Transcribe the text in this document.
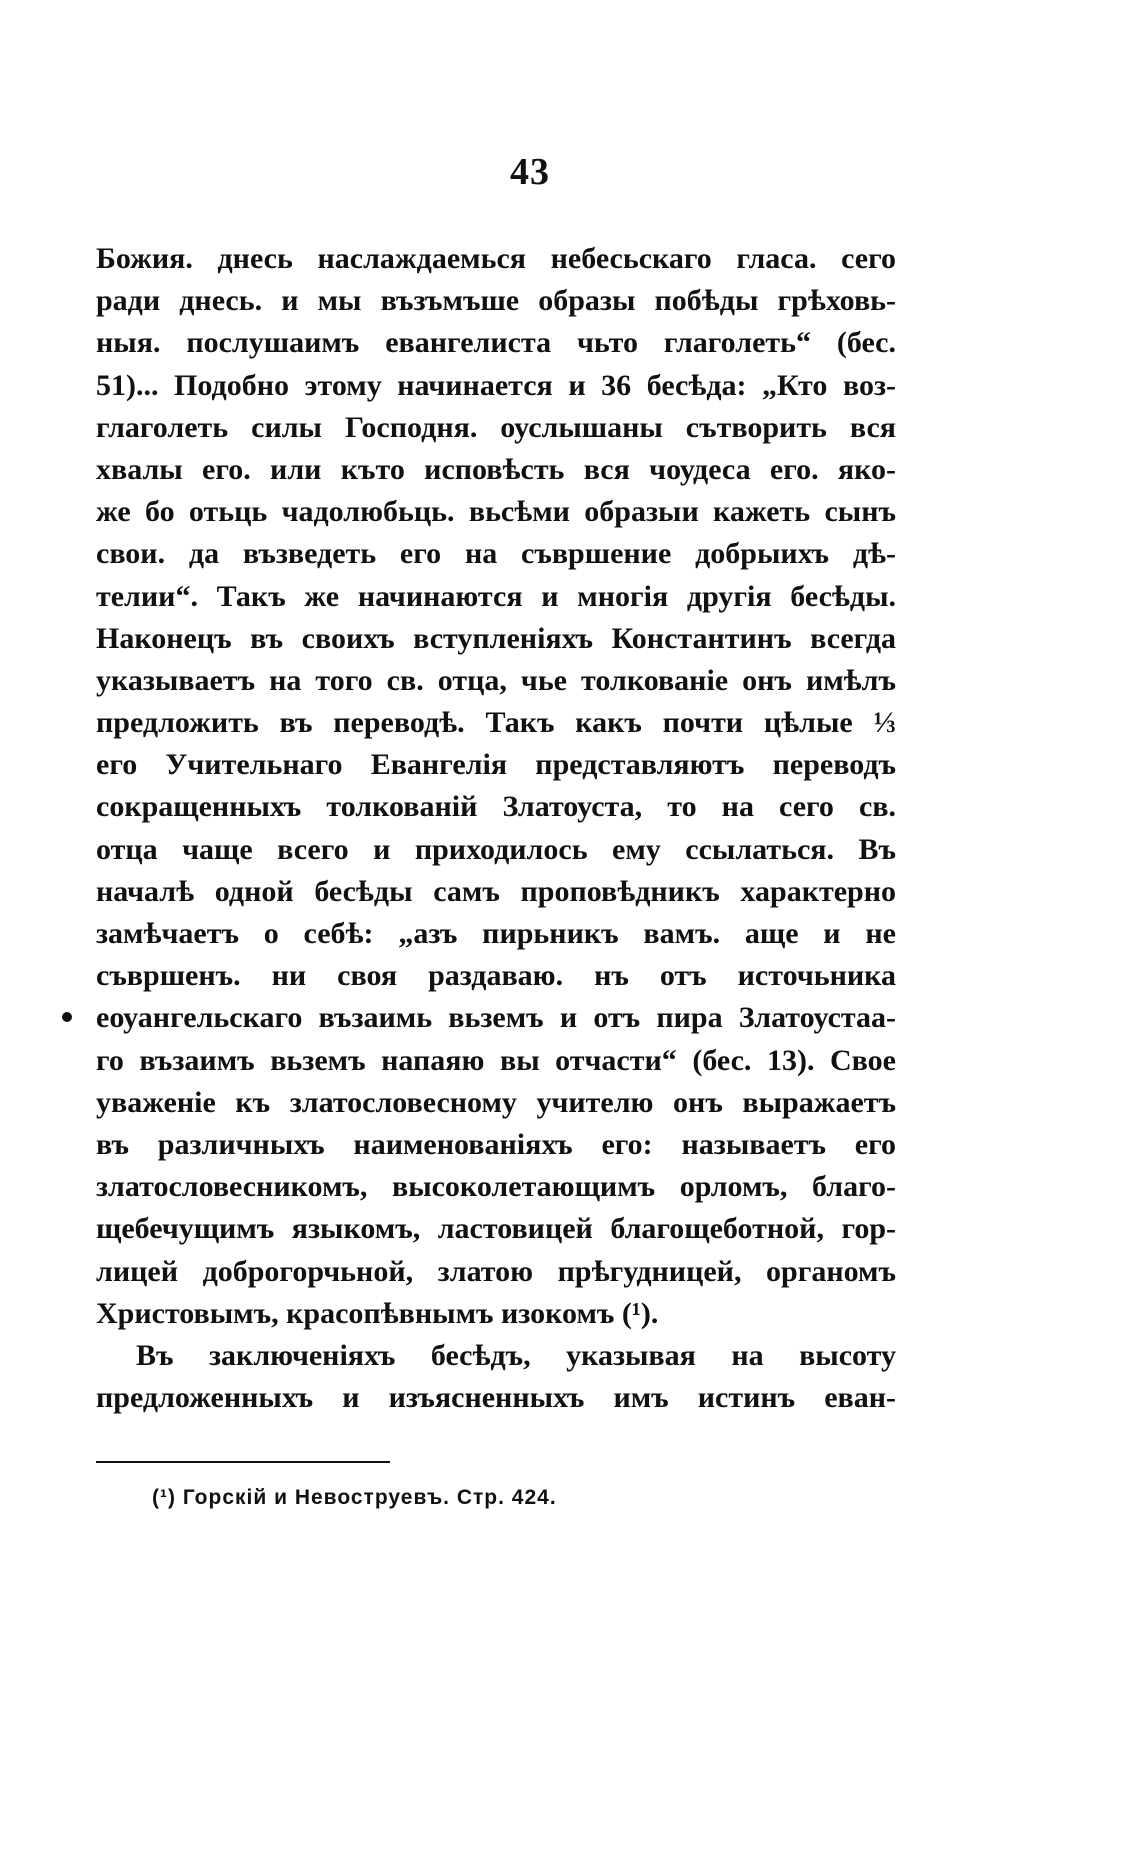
43
Божия. днесь наслаждаемься небесьскаго гласа. сего
ради днесь. и мы възъмъше образы побѣды грѣховь-
ныя. послушаимъ евангелиста чьто глаголеть“ (бес.
51)... Подобно этому начинается и 36 бесѣда: „Кто воз-
глаголеть силы Господня. оуслышаны сътворить вся
хвалы его. или къто исповѣсть вся чоудеса его. яко-
же бо отьць чадолюбьць. вьсѣми образыи кажеть сынъ
свои. да възведеть его на съвршение добрыихъ дѣ-
телии“. Такъ же начинаются и многія другія бесѣды.
Наконецъ въ своихъ вступленіяхъ Константинъ всегда
указываетъ на того св. отца, чье толкованіе онъ имѣлъ
предложить въ переводѣ. Такъ какъ почти цѣлые ⅓
его Учительнаго Евангелія представляютъ переводъ
сокращенныхъ толкованій Златоуста, то на сего св.
отца чаще всего и приходилось ему ссылаться. Въ
началѣ одной бесѣды самъ проповѣдникъ характерно
замѣчаетъ о себѣ: „азъ пирьникъ вамъ. аще и не
съвршенъ. ни своя раздаваю. нъ отъ источьника
еоуангельскаго възаимь вьземъ и отъ пира Златоустаа-
го възаимъ вьземъ напаяю вы отчасти“ (бес. 13). Свое
уваженіе къ златословесному учителю онъ выражаетъ
въ различныхъ наименованіяхъ его: называетъ его
златословесникомъ, высоколетающимъ орломъ, благо-
щебечущимъ языкомъ, ластовицей благощеботной, гор-
лицей доброгорчьной, златою прѣгудницей, органомъ
Христовымъ, красопѣвнымъ изокомъ (¹).
Въ заключеніяхъ бесѣдъ, указывая на высоту
предложенныхъ и изъясненныхъ имъ истинъ еван-
(¹) Горскій и Невоструевъ. Стр. 424.
